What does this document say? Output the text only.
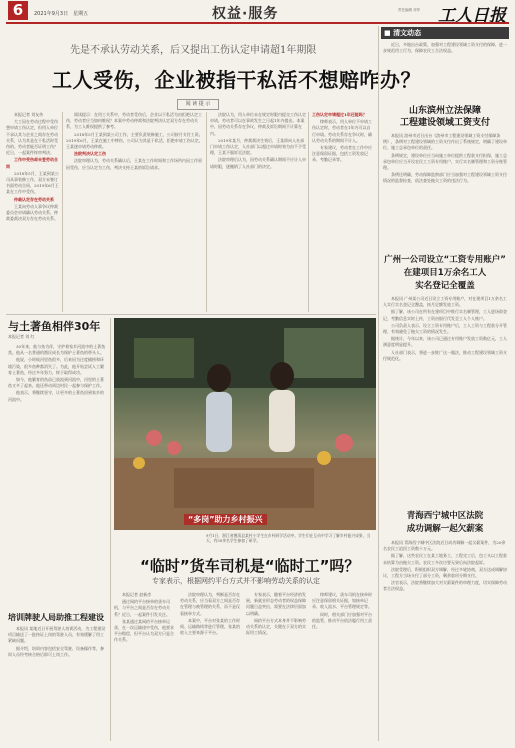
6	2021年9月3日　星期五	权益·服务	责任编辑 邓军 工人日报
先是不承认劳动关系，后又提出工伤认定申请超1年期限
工人受伤，企业被指干私活不想赔咋办？
阅 读 提 示

本报记者 刘友传

大工因在劳动过程中受伤想申请工伤认定，但用人单位不承认其与企业之间存在劳动关系，认为其是在干私活时受伤的。劳动者能否证明工伤？近日，一起案件终审判决。

工作中受伤却未签劳动合同

2018年5月，王某到某公司从事装修工作，双方未签订书面劳动合同，2019年6月王某在工作中受伤。

仲裁认定存在劳动关系

王某向劳动人事争议仲裁委员会申请确认劳动关系，仲裁委裁决双方存在劳动关系。

阅读提示：在用工关系中，劳动者受伤后，企业以干私活为由拒绝认定工伤，劳动者应当如何维权？本案中劳动仲裁和法院判决认定双方存在劳动关系，为工人维权提供了参考。

2018年5月王某到某公司工作，主要负责装修施工，公司按月支付工资。2019年6月，王某在施工中摔伤，公司认为其是干私活，拒绝申请工伤认定。王某遂申请劳动仲裁。

法院判决认定工伤

法院审理认为，劳动关系确认后，王某在工作时间和工作场所内因工作原因受伤，应当认定为工伤，判决支持王某的诉讼请求。

法院认为，用人单位未在规定时限内提交工伤认定申请，劳动者可以在事故发生之日起1年内提出。本案中，因劳动关系存在争议，仲裁及诉讼期间不计算在内。

2019年某月，仲裁裁决生效后，王某即向人社部门申请工伤认定，人社部门以超过申请时效为由不予受理，王某不服诉至法院。

法院审理后认为，因劳动关系确认期间不应计入申请时限，遂撤销了人社部门的决定。

工伤认定申请超过1年还能吗？

律师表示，用人单位不申请工伤认定时，劳动者在1年内可以自行申请。劳动关系存在争议时，确认劳动关系的期间不计入。

专家建议，劳动者在工作中应注意保留证据，包括工资发放记录、考勤记录等。

■ 清文动态

近日，多地出台政策，加强对工程建设领域工资支付的保障，进一步规范用工行为，保障农民工合法权益。

山东滨州立法保障
工程建设领域工资支付

本报讯 滨州市近日出台《滨州市工程建设领域工资支付保障条例》，条例对工程建设领域的工资支付作出了系统规定，明确了建设单位、施工总承包单位的责任。

条例规定，建设单位应当向施工单位提供工程款支付担保，施工总承包单位应当开设农民工工资专用账户，实行实名制管理和工资分账管理。

条例还明确，劳动保障监察部门应当加强对工程建设领域工资支付情况的监督检查，依法查处拖欠工资的违法行为。

广州一公司设立“工资专用账户”
在建项目1万余名工人
实名登记全覆盖

本报讯 广州某公司近日设立工资专用账户，对在建项目1万余名工人实行实名登记全覆盖，按月足额发放工资。

据了解，该公司在所有在建项目中推行实名制管理，工人进场即登记，考勤信息实时上传，工资由银行代发至工人个人账户。

公司负责人表示，设立工资专用账户后，工人工资与工程款分开管理，有效避免了拖欠工资的情况发生。

据统计，今年以来，该公司已通过专用账户发放工资数亿元，工人满意度明显提升。

人社部门表示，将进一步推广这一做法，推动工程建设领域工资支付规范化。

青海西宁城中区法院
成功调解一起欠薪案

本报讯 青海西宁城中区法院近日成功调解一起欠薪案件，为20余名农民工追回工资数十万元。

据了解，这些农民工在某工地务工，工程完工后，包工头以工程款未结算为由拖欠工资。农民工多次讨要无果后向法院起诉。

法院受理后，积极组织双方调解，经过多轮协商，双方达成调解协议，工程方当场支付了部分工资，剩余款项分期支付。

法官表示，法院将继续加大对欠薪案件的审理力度，切实保障劳动者合法权益。

与土著鱼相伴30年
本报记者 刘 红

30年来，他与鱼为伴，守护着家乡河流中的土著鱼类。他从一名普通的渔民成长为保护土著鱼的带头人。

他说，小时候河里鱼很多，后来因为过度捕捞和环境污染，很多鱼种都消失了。为此，他开始尝试人工繁育土著鱼，经过多年努力，终于取得成功。

如今，他繁育的鱼苗已放流到河流中，河里的土著鱼又多了起来。他还带动周边村民一起参与保护工作。

他表示，将继续坚守，让更多的土著鱼回到家乡的河流中。

培训牌驶人局助推工程建设

本报讯 某地近日开展驾驶人培训活动，为工程建设项目输送了一批持证上岗的驾驶人员，有效缓解了用工紧缺问题。

据介绍，培训内容包括安全驾驶、设备操作等，参训人员经考核合格后即可上岗工作。

“多岗”助力乡村振兴
9月1日，浙江省德清县某村小学生在乡村研学活动中。学生们在互动中学习了解乡村振兴成果，当天，有50余名学生参加了研学。
“临时”货车司机是“临时工”吗？
专家表示，根据网约平台方式并不影响劳动关系的认定

本报记者 赵新彦

通过网约平台接单的货车司机，与平台之间是否存在劳动关系？近日，一起案件引发关注。

张某通过某网约平台接单运货，在一次运输途中受伤，他要求平台赔偿，但平台认为双方只是合作关系。

法院审理认为，判断是否存在劳动关系，应当看双方之间是否存在管理与被管理的关系，而不是仅看接单方式。

本案中，平台对张某的工作时间、运输路线等进行管理，张某的收入主要来源于平台。

专家表示，随着平台经济的发展，新就业形态劳动者的权益保障问题日益突出，需要在法律层面加以明确。

网约平台方式本身并不影响劳动关系的认定，关键在于双方的实际用工情况。

律师建议，货车司机在接单时应注意保留相关证据，如接单记录、收入流水、平台管理规定等。

同时，相关部门应加强对平台的监管，推动平台依法履行用工责任。
